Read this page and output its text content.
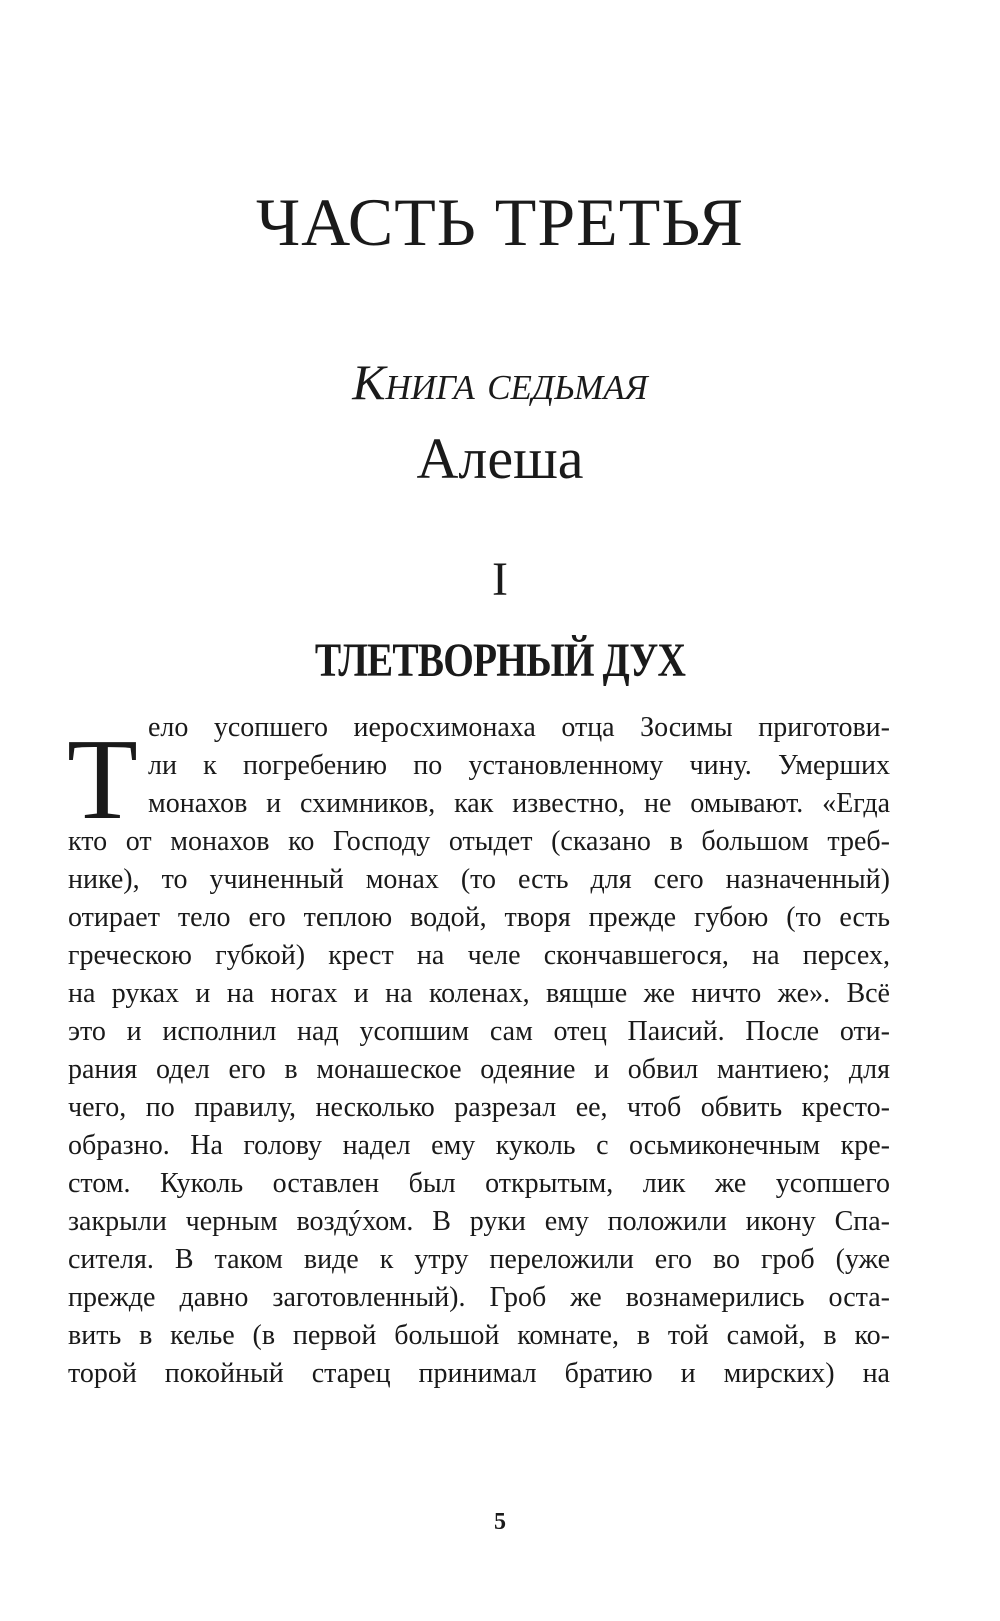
ЧАСТЬ ТРЕТЬЯ
Книга седьмая
Алеша
I
ТЛЕТВОРНЫЙ ДУХ
Т ело усопшего иеросхимонаха отца Зосимы приготови-
ли к погребению по установленному чину. Умерших
монахов и схимников, как известно, не омывают. «Егда
кто от монахов ко Господу отыдет (сказано в большом треб-
нике), то учиненный монах (то есть для сего назначенный)
отирает тело его теплою водой, творя прежде губою (то есть
греческою губкой) крест на челе скончавшегося, на персех,
на руках и на ногах и на коленах, вящше же ничто же». Всё
это и исполнил над усопшим сам отец Паисий. После оти-
рания одел его в монашеское одеяние и обвил мантиею; для
чего, по правилу, несколько разрезал ее, чтоб обвить кресто-
образно. На голову надел ему куколь с осьмиконечным кре-
стом. Куколь оставлен был открытым, лик же усопшего
закрыли черным воздýхом. В руки ему положили икону Спа-
сителя. В таком виде к утру переложили его во гроб (уже
прежде давно заготовленный). Гроб же вознамерились оста-
вить в келье (в первой большой комнате, в той самой, в ко-
торой покойный старец принимал братию и мирских) на
5
